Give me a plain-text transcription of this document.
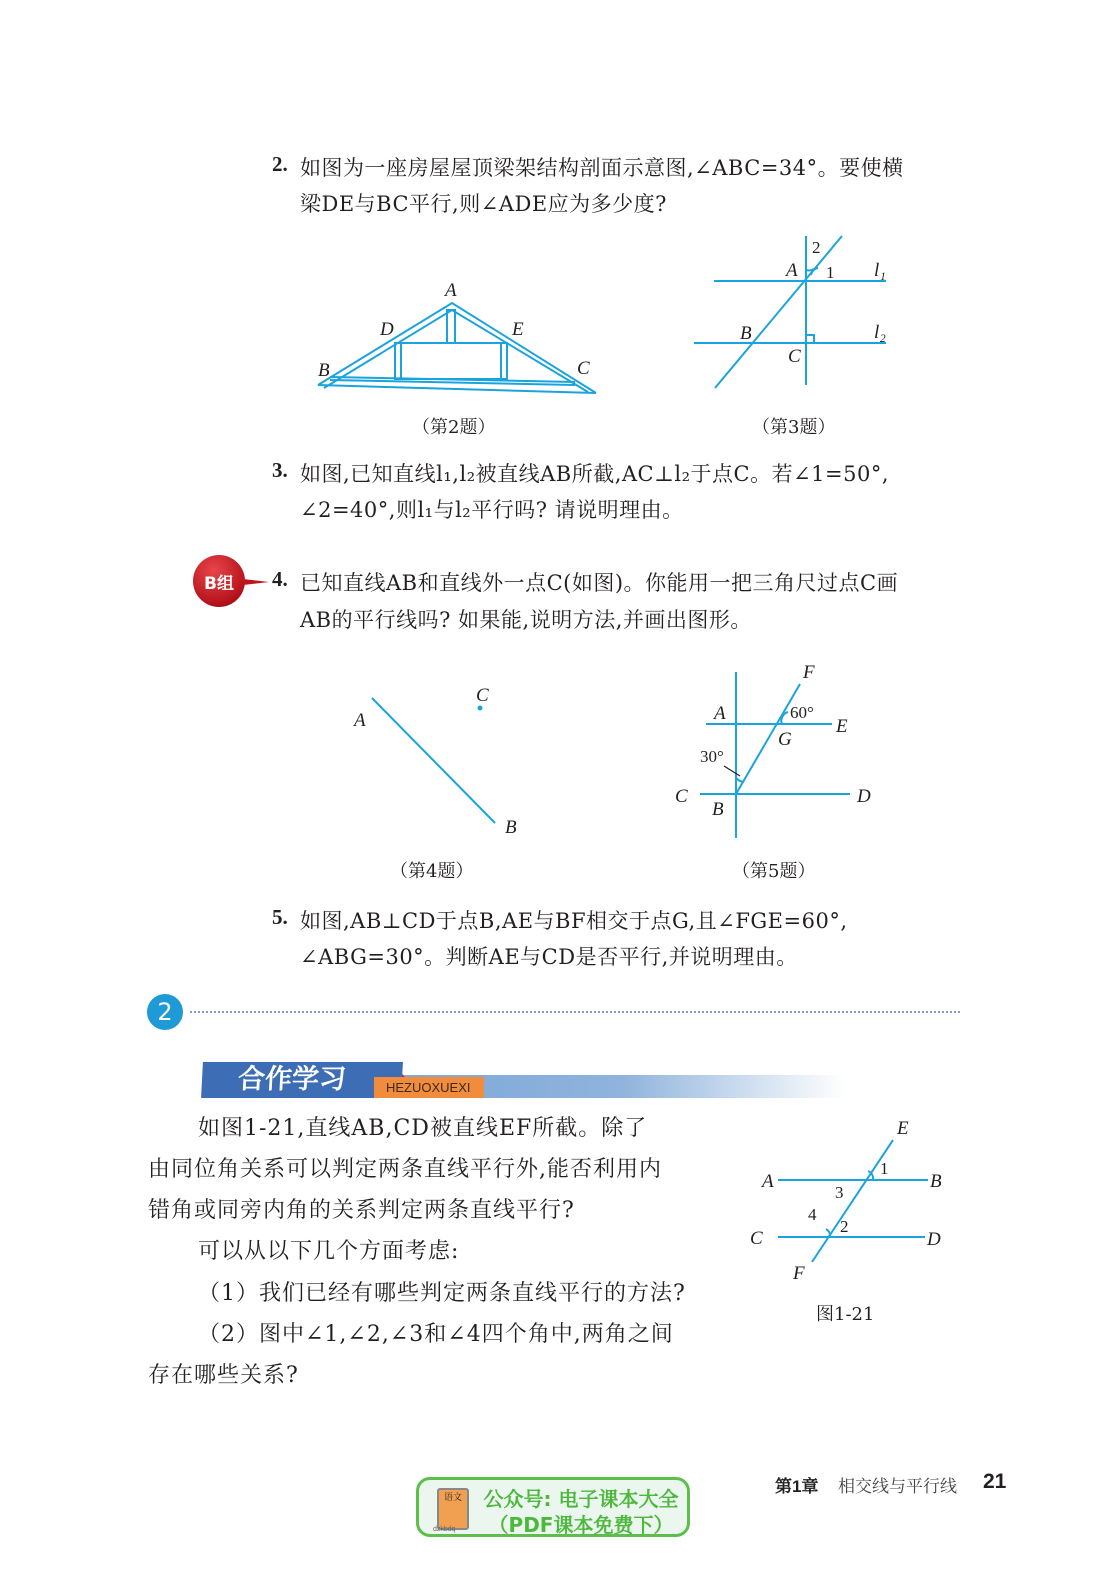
2. 如图为一座房屋屋顶梁架结构剖面示意图,∠ABC=34°。要使横
梁DE与BC平行,则∠ADE应为多少度?
A
B	C
D	E
A
B
C
1
2
l₁
l₂
（第2题）	（第3题）
3. 如图,已知直线l₁,l₂被直线AB所截,AC⊥l₂于点C。若∠1=50°,
∠2=40°,则l₁与l₂平行吗? 请说明理由。
B组	4. 已知直线AB和直线外一点C(如图)。你能用一把三角尺过点C画
AB的平行线吗? 如果能,说明方法,并画出图形。
A
C
B
F
A	60°
E
G
30°
C
B
D
（第4题）	（第5题）
5. 如图,AB⊥CD于点B,AE与BF相交于点G,且∠FGE=60°,
∠ABG=30°。判断AE与CD是否平行,并说明理由。
2
合作学习	HEZUOXUEXI
如图1-21,直线AB,CD被直线EF所截。除了
由同位角关系可以判定两条直线平行外,能否利用内
错角或同旁内角的关系判定两条直线平行?
可以从以下几个方面考虑:
（1）我们已经有哪些判定两条直线平行的方法?
（2）图中∠1,∠2,∠3和∠4四个角中,两角之间
存在哪些关系?
E
A	B
C	D
F
1
3
4
2
图1-21
语文
dzkbdq
公众号: 电子课本大全
（PDF课本免费下）
第1章 相交线与平行线 21
